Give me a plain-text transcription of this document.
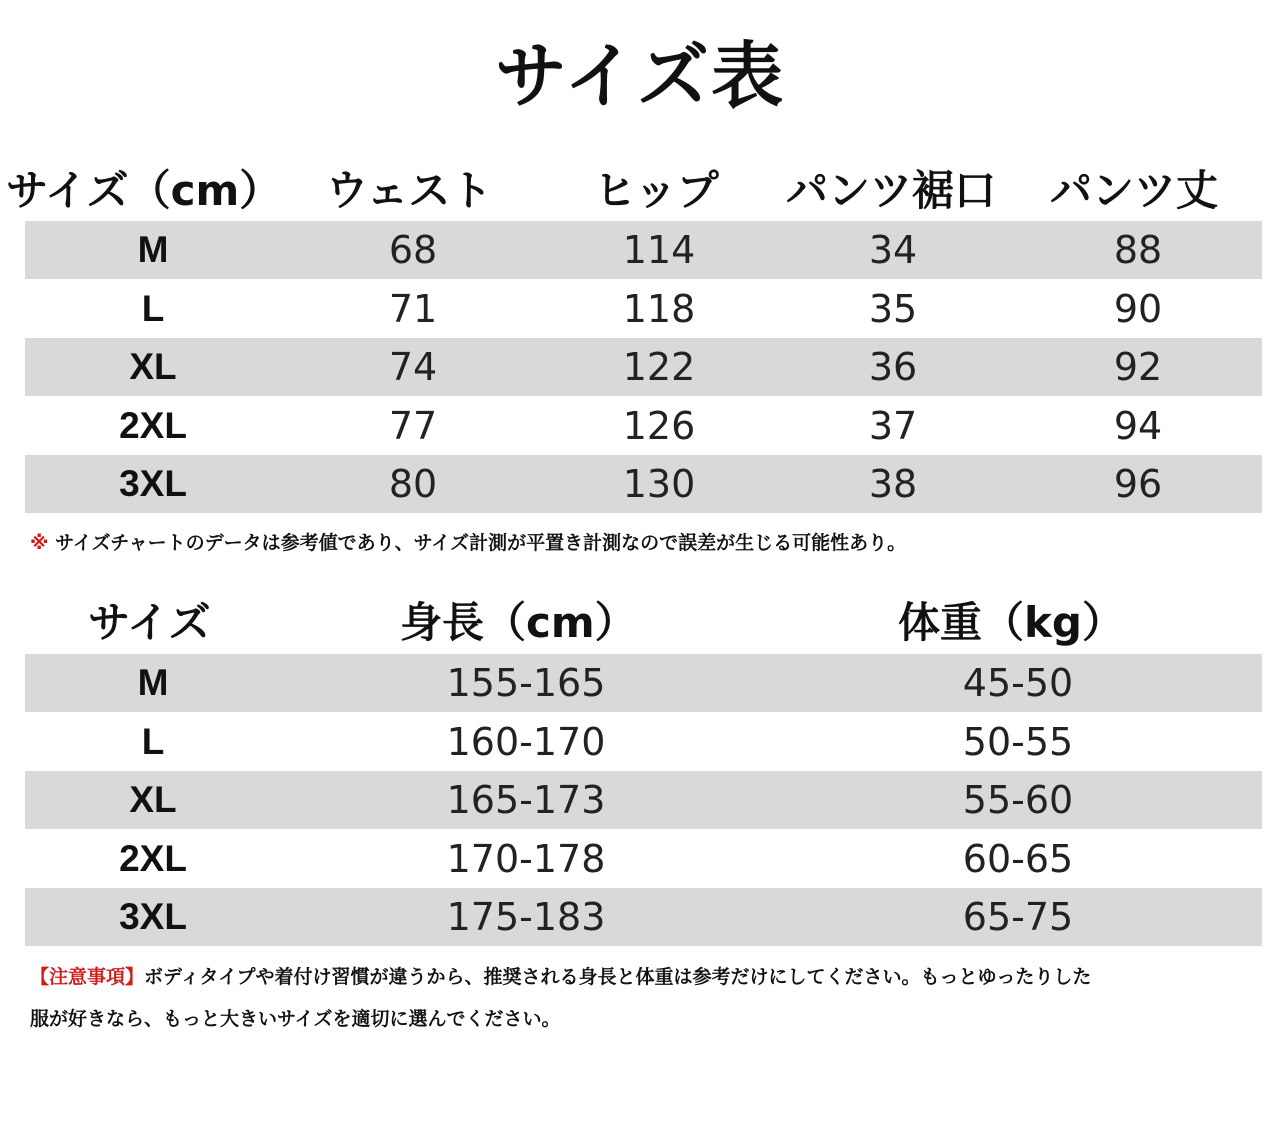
サイズ表
サイズ（cm） ウェスト ヒップ パンツ裾口 パンツ丈
M	68	114	34	88
L	71	118	35	90
XL	74	122	36	92
2XL	77	126	37	94
3XL	80	130	38	96
※ サイズチャートのデータは参考値であり、サイズ計測が平置き計測なので誤差が生じる可能性あり。
サイズ	身長（cm）	体重（kg）
M	155-165	45-50
L	160-170	50-55
XL	165-173	55-60
2XL	170-178	60-65
3XL	175-183	65-75
【注意事項】ボディタイプや着付け習慣が違うから、推奨される身長と体重は参考だけにしてください。もっとゆったりした
服が好きなら、もっと大きいサイズを適切に選んでください。
